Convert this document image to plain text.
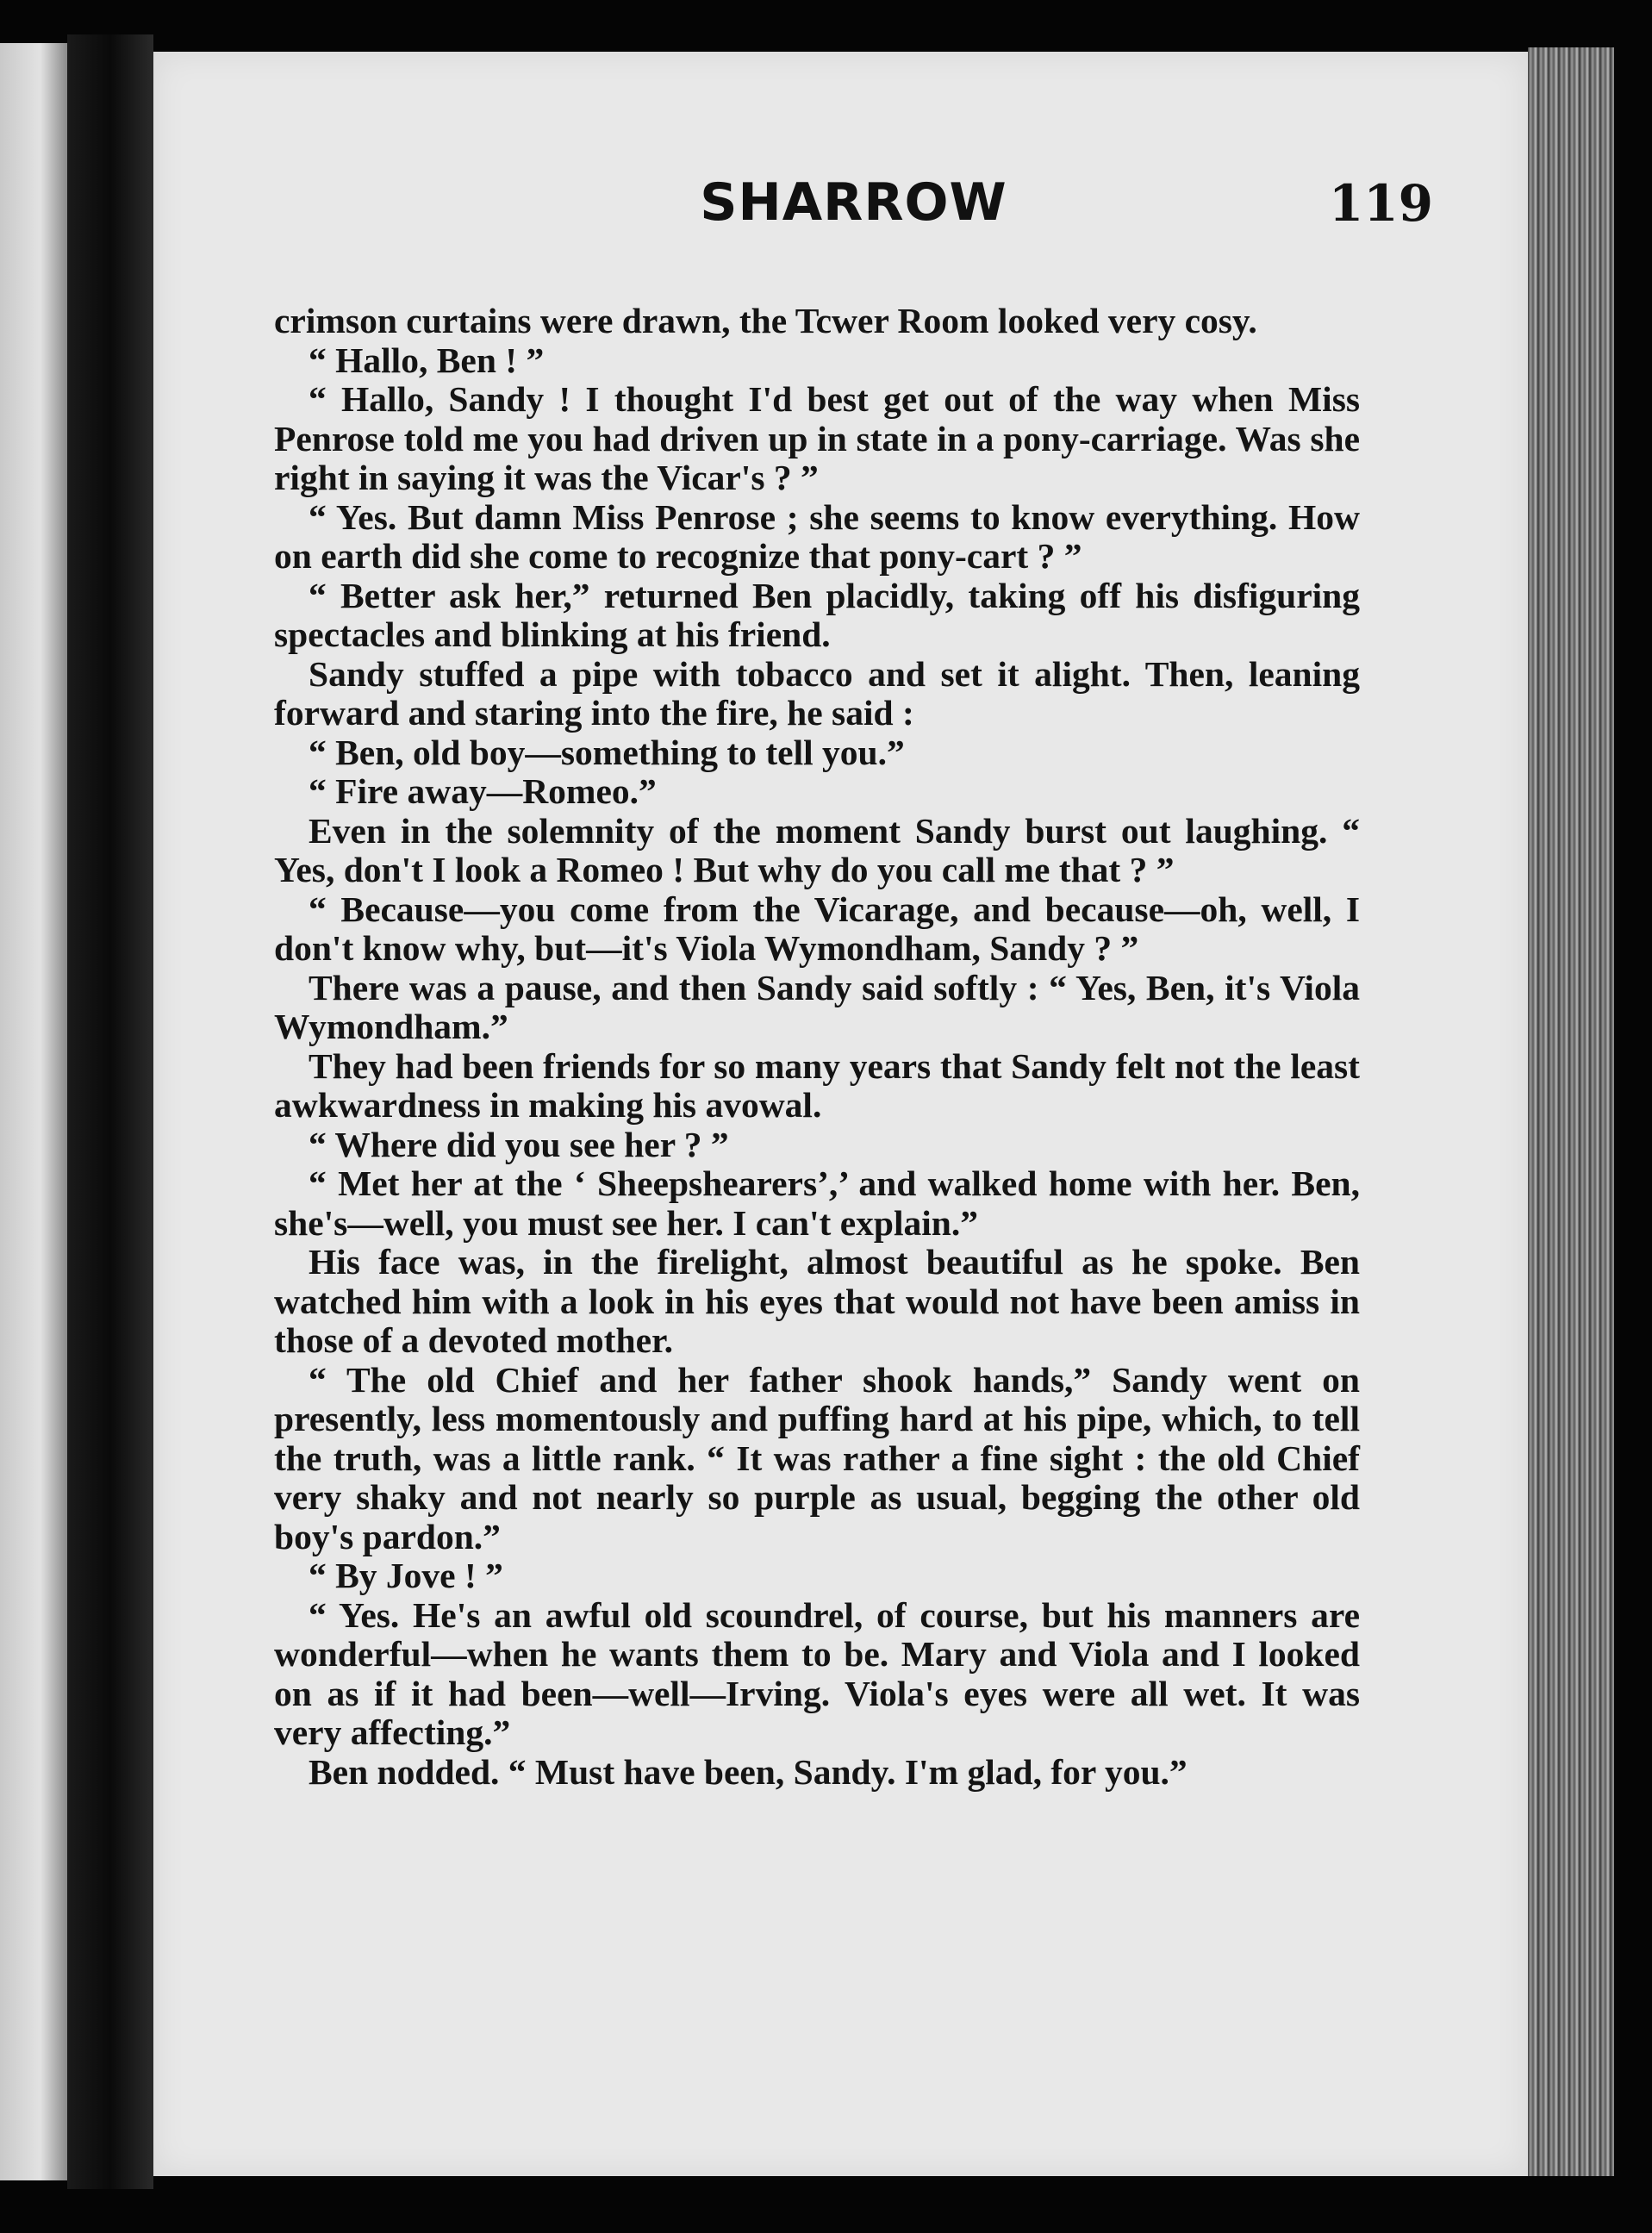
SHARROW	119

crimson curtains were drawn, the Tcwer Room looked very cosy.

“ Hallo, Ben ! ”

“ Hallo, Sandy ! I thought I'd best get out of the way when Miss Penrose told me you had driven up in state in a pony-carriage. Was she right in saying it was the Vicar's ? ”

“ Yes. But damn Miss Penrose ; she seems to know everything. How on earth did she come to recognize that pony-cart ? ”

“ Better ask her,” returned Ben placidly, taking off his disfiguring spectacles and blinking at his friend.

Sandy stuffed a pipe with tobacco and set it alight. Then, leaning forward and staring into the fire, he said :

“ Ben, old boy—something to tell you.”

“ Fire away—Romeo.”

Even in the solemnity of the moment Sandy burst out laughing. “ Yes, don't I look a Romeo ! But why do you call me that ? ”

“ Because—you come from the Vicarage, and because—oh, well, I don't know why, but—it's Viola Wymondham, Sandy ? ”

There was a pause, and then Sandy said softly : “ Yes, Ben, it's Viola Wymondham.”

They had been friends for so many years that Sandy felt not the least awkwardness in making his avowal.

“ Where did you see her ? ”

“ Met her at the ‘ Sheepshearers’,’ and walked home with her. Ben, she's—well, you must see her. I can't explain.”

His face was, in the firelight, almost beautiful as he spoke. Ben watched him with a look in his eyes that would not have been amiss in those of a devoted mother.

“ The old Chief and her father shook hands,” Sandy went on presently, less momentously and puffing hard at his pipe, which, to tell the truth, was a little rank. “ It was rather a fine sight : the old Chief very shaky and not nearly so purple as usual, begging the other old boy's pardon.”

“ By Jove ! ”

“ Yes. He's an awful old scoundrel, of course, but his manners are wonderful—when he wants them to be. Mary and Viola and I looked on as if it had been—well—Irving. Viola's eyes were all wet. It was very affecting.”

Ben nodded. “ Must have been, Sandy. I'm glad, for you.”
